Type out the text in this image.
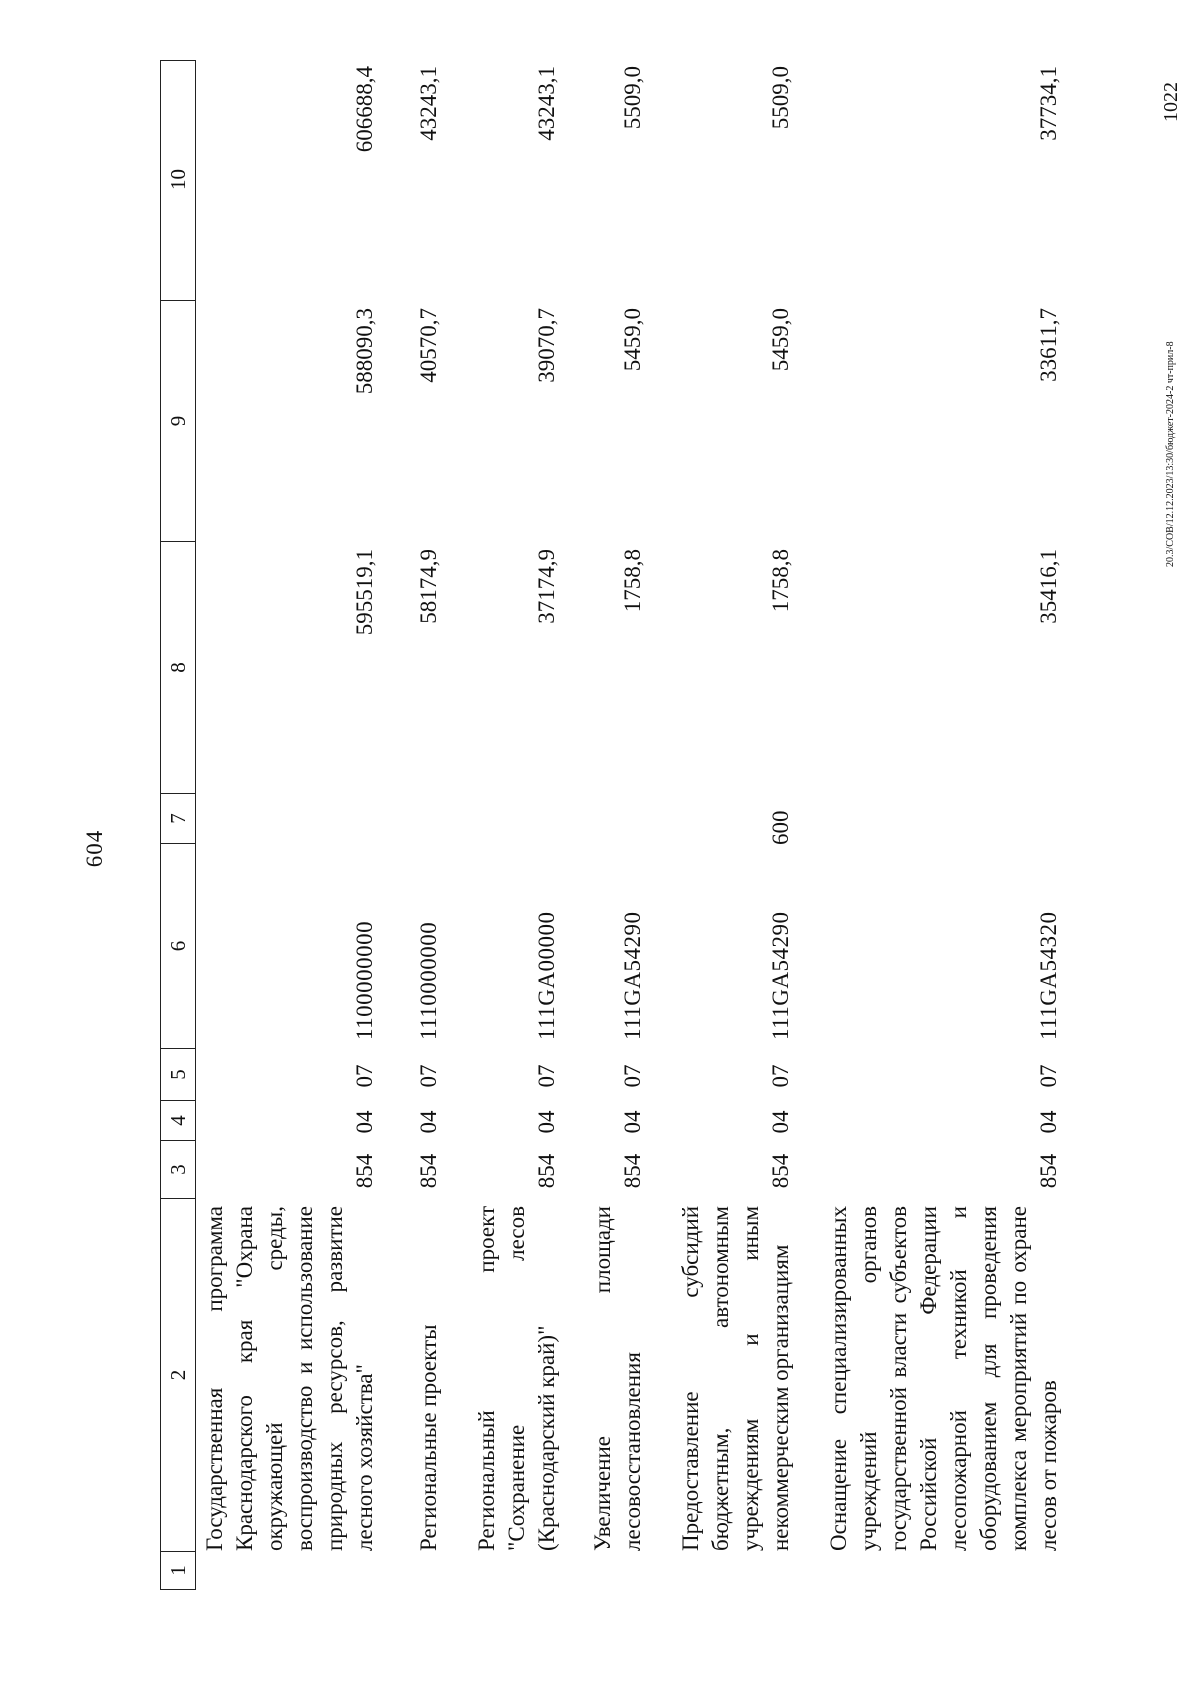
604
1
2
3
4
5
6
7
8
9
10
Государственная программа Краснодарского края "Охрана окружающей среды, воспроизводство и использование природных ресурсов, развитие лесного хозяйства"
854
04
07
1100000000
595519,1
588090,3
606688,4
Региональные проекты
854
04
07
1110000000
58174,9
40570,7
43243,1
Региональный проект "Сохранение лесов (Краснодарский край)"
854
04
07
111GA00000
37174,9
39070,7
43243,1
Увеличение площади лесовосстановления
854
04
07
111GA54290
1758,8
5459,0
5509,0
Предоставление субсидий бюджетным, автономным учреждениям и иным некоммерческим организациям
854
04
07
111GA54290
600
1758,8
5459,0
5509,0
Оснащение специализированных учреждений органов государственной власти субъектов Российской Федерации лесопожарной техникой и оборудованием для проведения комплекса мероприятий по охране лесов от пожаров
854
04
07
111GA54320
35416,1
33611,7
37734,1
20.3/СОВ/12.12.2023/13:30/бюджет-2024-2 чт-прил-8
1022
